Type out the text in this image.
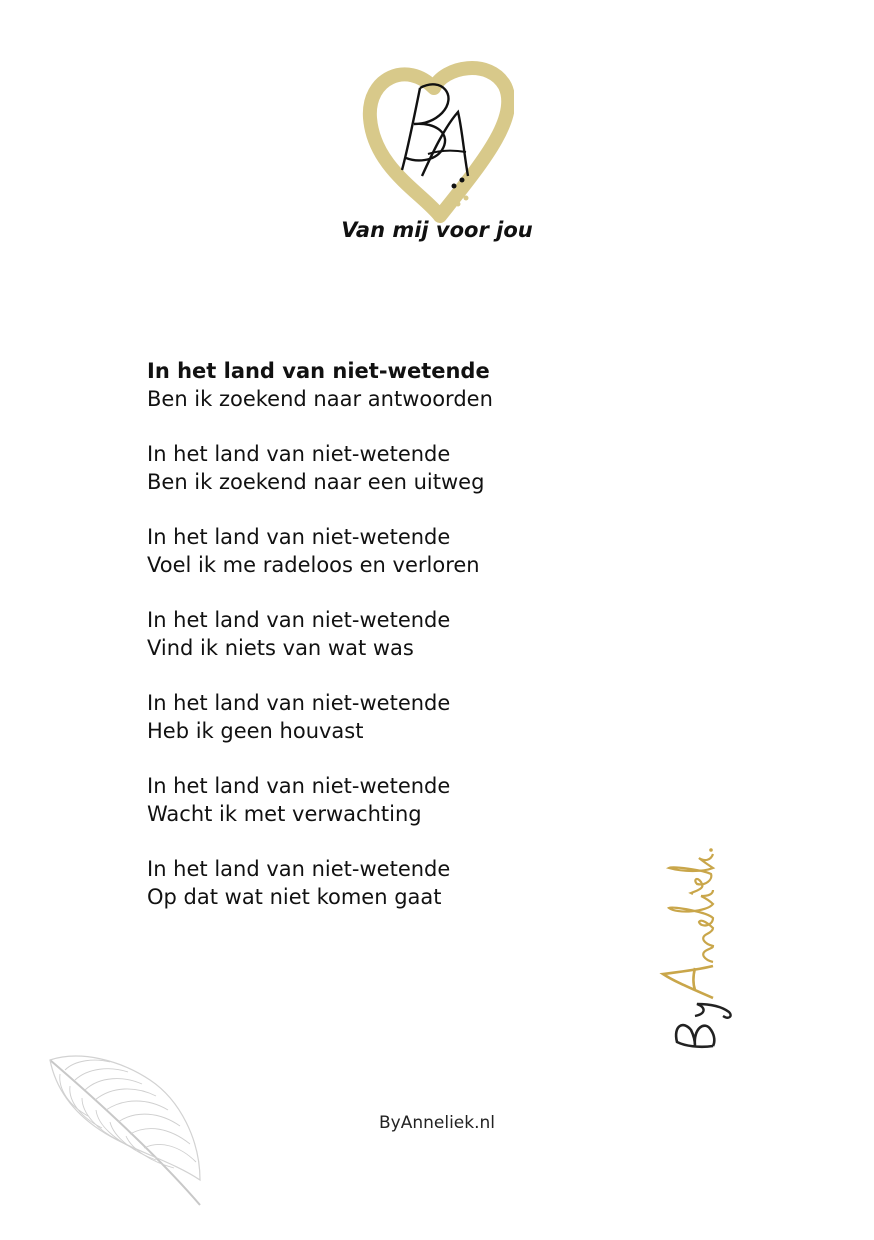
Van mij voor jou
In het land van niet-wetende
Ben ik zoekend naar antwoorden
In het land van niet-wetende
Ben ik zoekend naar een uitweg
In het land van niet-wetende
Voel ik me radeloos en verloren
In het land van niet-wetende
Vind ik niets van wat was
In het land van niet-wetende
Heb ik geen houvast
In het land van niet-wetende
Wacht ik met verwachting
In het land van niet-wetende
Op dat wat niet komen gaat
ByAnneliek.nl
